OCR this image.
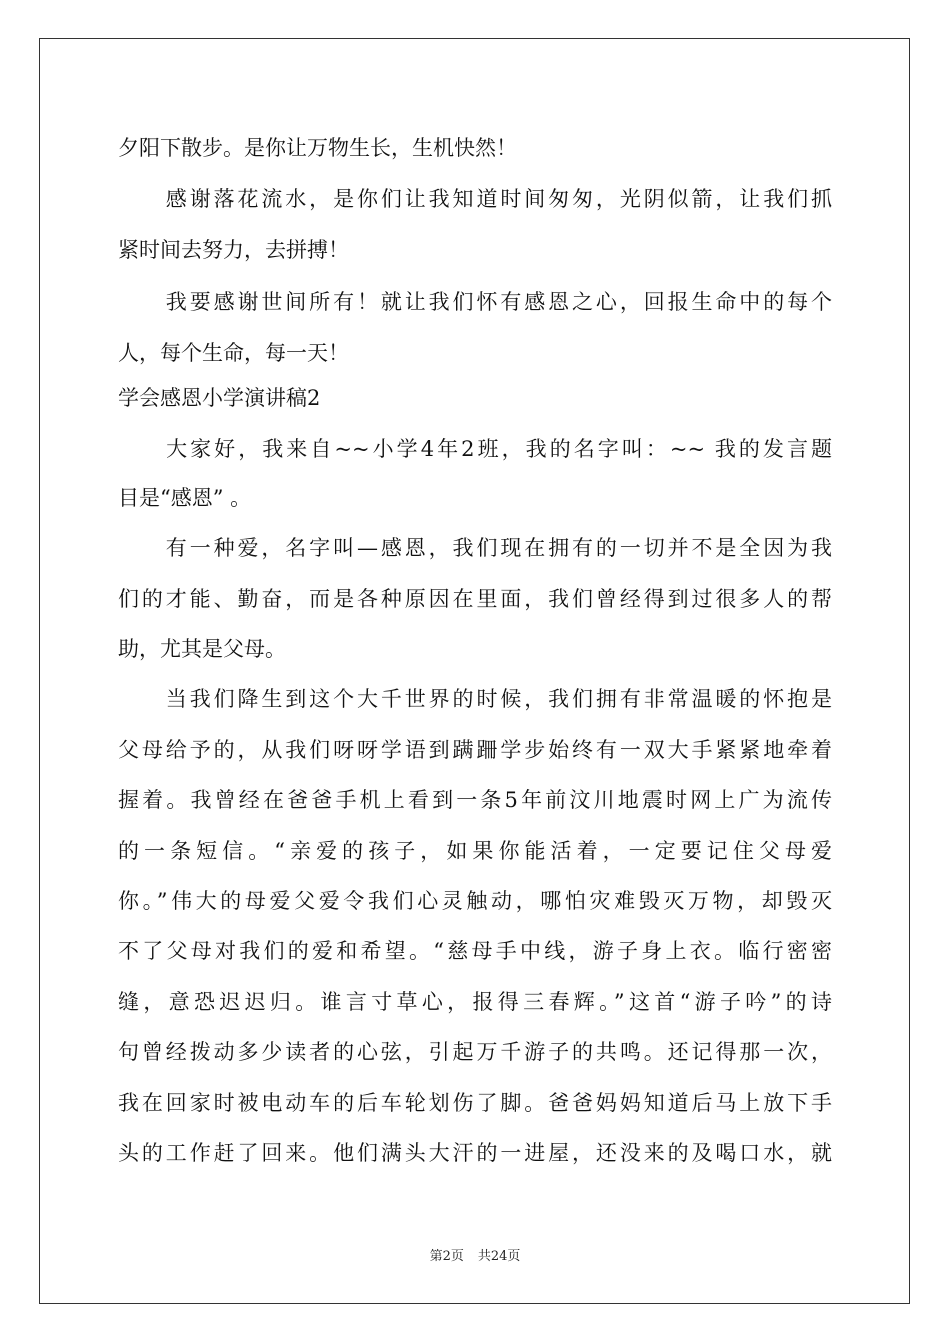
夕阳下散步。是你让万物生长，生机快然！
　　感谢落花流水，是你们让我知道时间匆匆，光阴似箭，让我们抓
紧时间去努力，去拼搏！
　　我要感谢世间所有！就让我们怀有感恩之心，回报生命中的每个
人，每个生命，每一天！
学会感恩小学演讲稿2
　　大家好，我来自~~小学4年2班，我的名字叫：~~ 我的发言题
目是“感恩” 。
　　有一种爱，名字叫—感恩，我们现在拥有的一切并不是全因为我
们的才能、勤奋，而是各种原因在里面，我们曾经得到过很多人的帮
助，尤其是父母。
　　当我们降生到这个大千世界的时候，我们拥有非常温暖的怀抱是
父母给予的，从我们呀呀学语到蹒跚学步始终有一双大手紧紧地牵着
握着。我曾经在爸爸手机上看到一条5年前汶川地震时网上广为流传
的一条短信。“亲爱的孩子，如果你能活着，一定要记住父母爱
你。”伟大的母爱父爱令我们心灵触动，哪怕灾难毁灭万物，却毁灭
不了父母对我们的爱和希望。“慈母手中线，游子身上衣。临行密密
缝，意恐迟迟归。谁言寸草心，报得三春辉。”这首“游子吟”的诗
句曾经拨动多少读者的心弦，引起万千游子的共鸣。还记得那一次，
我在回家时被电动车的后车轮划伤了脚。爸爸妈妈知道后马上放下手
头的工作赶了回来。他们满头大汗的一进屋，还没来的及喝口水，就
第2页 共24页
